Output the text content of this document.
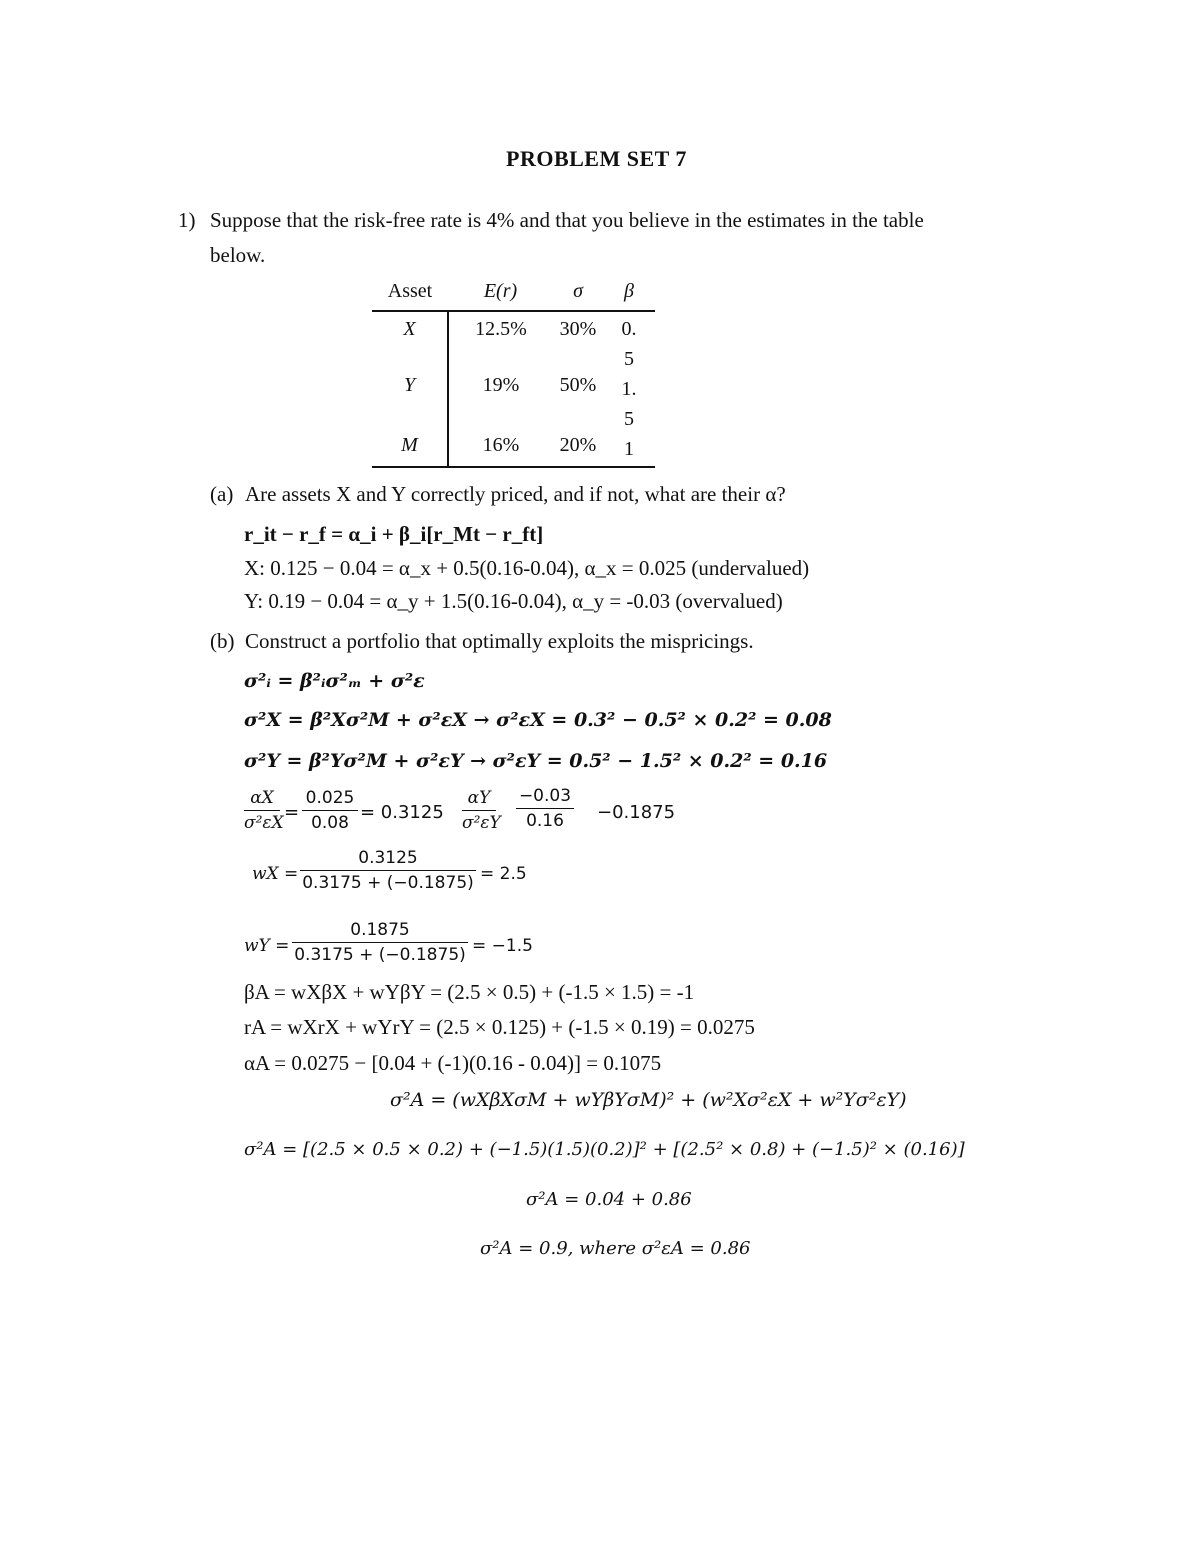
PROBLEM SET 7
1) Suppose that the risk-free rate is 4% and that you believe in the estimates in the table
below.
Asset	E(r)	σ	β
X	12.5%	30%	0.
5

Y	19%	50%	1.
5

M	16%	20%	1
(a) Are assets X and Y correctly priced, and if not, what are their α?
r_it − r_f = α_i + β_i[r_Mt − r_ft]
X: 0.125 − 0.04 = α_x + 0.5(0.16-0.04), α_x = 0.025 (undervalued)
Y: 0.19 − 0.04 = α_y + 1.5(0.16-0.04), α_y = -0.03 (overvalued)
(b) Construct a portfolio that optimally exploits the mispricings.
σ²ᵢ = β²ᵢσ²ₘ + σ²ε
σ²X = β²Xσ²M + σ²εX → σ²εX = 0.3² − 0.5² × 0.2² = 0.08
σ²Y = β²Yσ²M + σ²εY → σ²εY = 0.5² − 1.5² × 0.2² = 0.16
αX
σ²εX =
0.025
0.08 = 0.3125
αY
σ²εY
−0.03
0.16	−0.1875
wX =
0.3125
0.3175 + (−0.1875) = 2.5
wY =
0.1875
0.3175 + (−0.1875) = −1.5
βA = wXβX + wYβY = (2.5 × 0.5) + (-1.5 × 1.5) = -1
rA = wXrX + wYrY = (2.5 × 0.125) + (-1.5 × 0.19) = 0.0275
αA = 0.0275 − [0.04 + (-1)(0.16 - 0.04)] = 0.1075
σ²A = (wXβXσM + wYβYσM)² + (w²Xσ²εX + w²Yσ²εY)
σ²A = [(2.5 × 0.5 × 0.2) + (−1.5)(1.5)(0.2)]² + [(2.5² × 0.8) + (−1.5)² × (0.16)]
σ²A = 0.04 + 0.86
σ²A = 0.9, where σ²εA = 0.86
